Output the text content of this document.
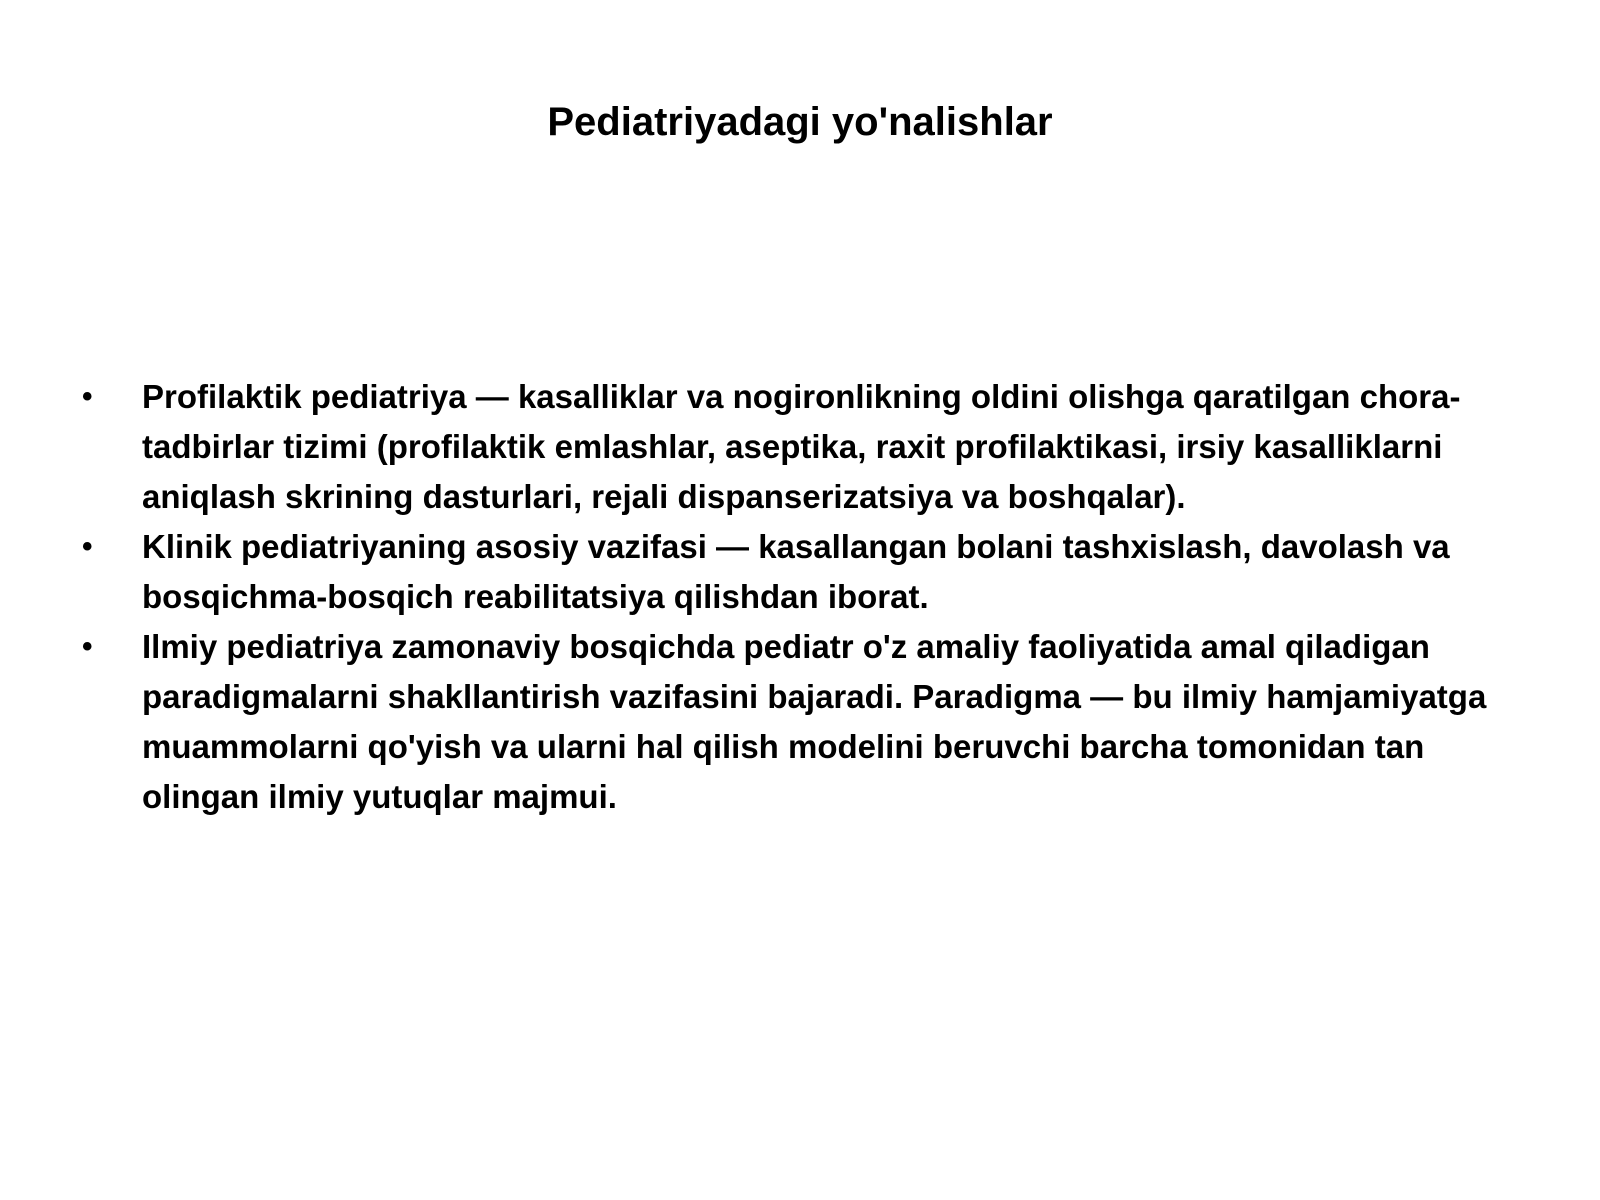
Pediatriyadagi yo'nalishlar
•	Profilaktik pediatriya — kasalliklar va nogironlikning oldini olishga qaratilgan chora-tadbirlar tizimi (profilaktik emlashlar, aseptika, raxit profilaktikasi, irsiy kasalliklarni aniqlash skrining dasturlari, rejali dispanserizatsiya va boshqalar).
•	Klinik pediatriyaning asosiy vazifasi — kasallangan bolani tashxislash, davolash va bosqichma-bosqich reabilitatsiya qilishdan iborat.
•	Ilmiy pediatriya zamonaviy bosqichda pediatr o'z amaliy faoliyatida amal qiladigan paradigmalarni shakllantirish vazifasini bajaradi. Paradigma — bu ilmiy hamjamiyatga muammolarni qo'yish va ularni hal qilish modelini beruvchi barcha tomonidan tan olingan ilmiy yutuqlar majmui.
